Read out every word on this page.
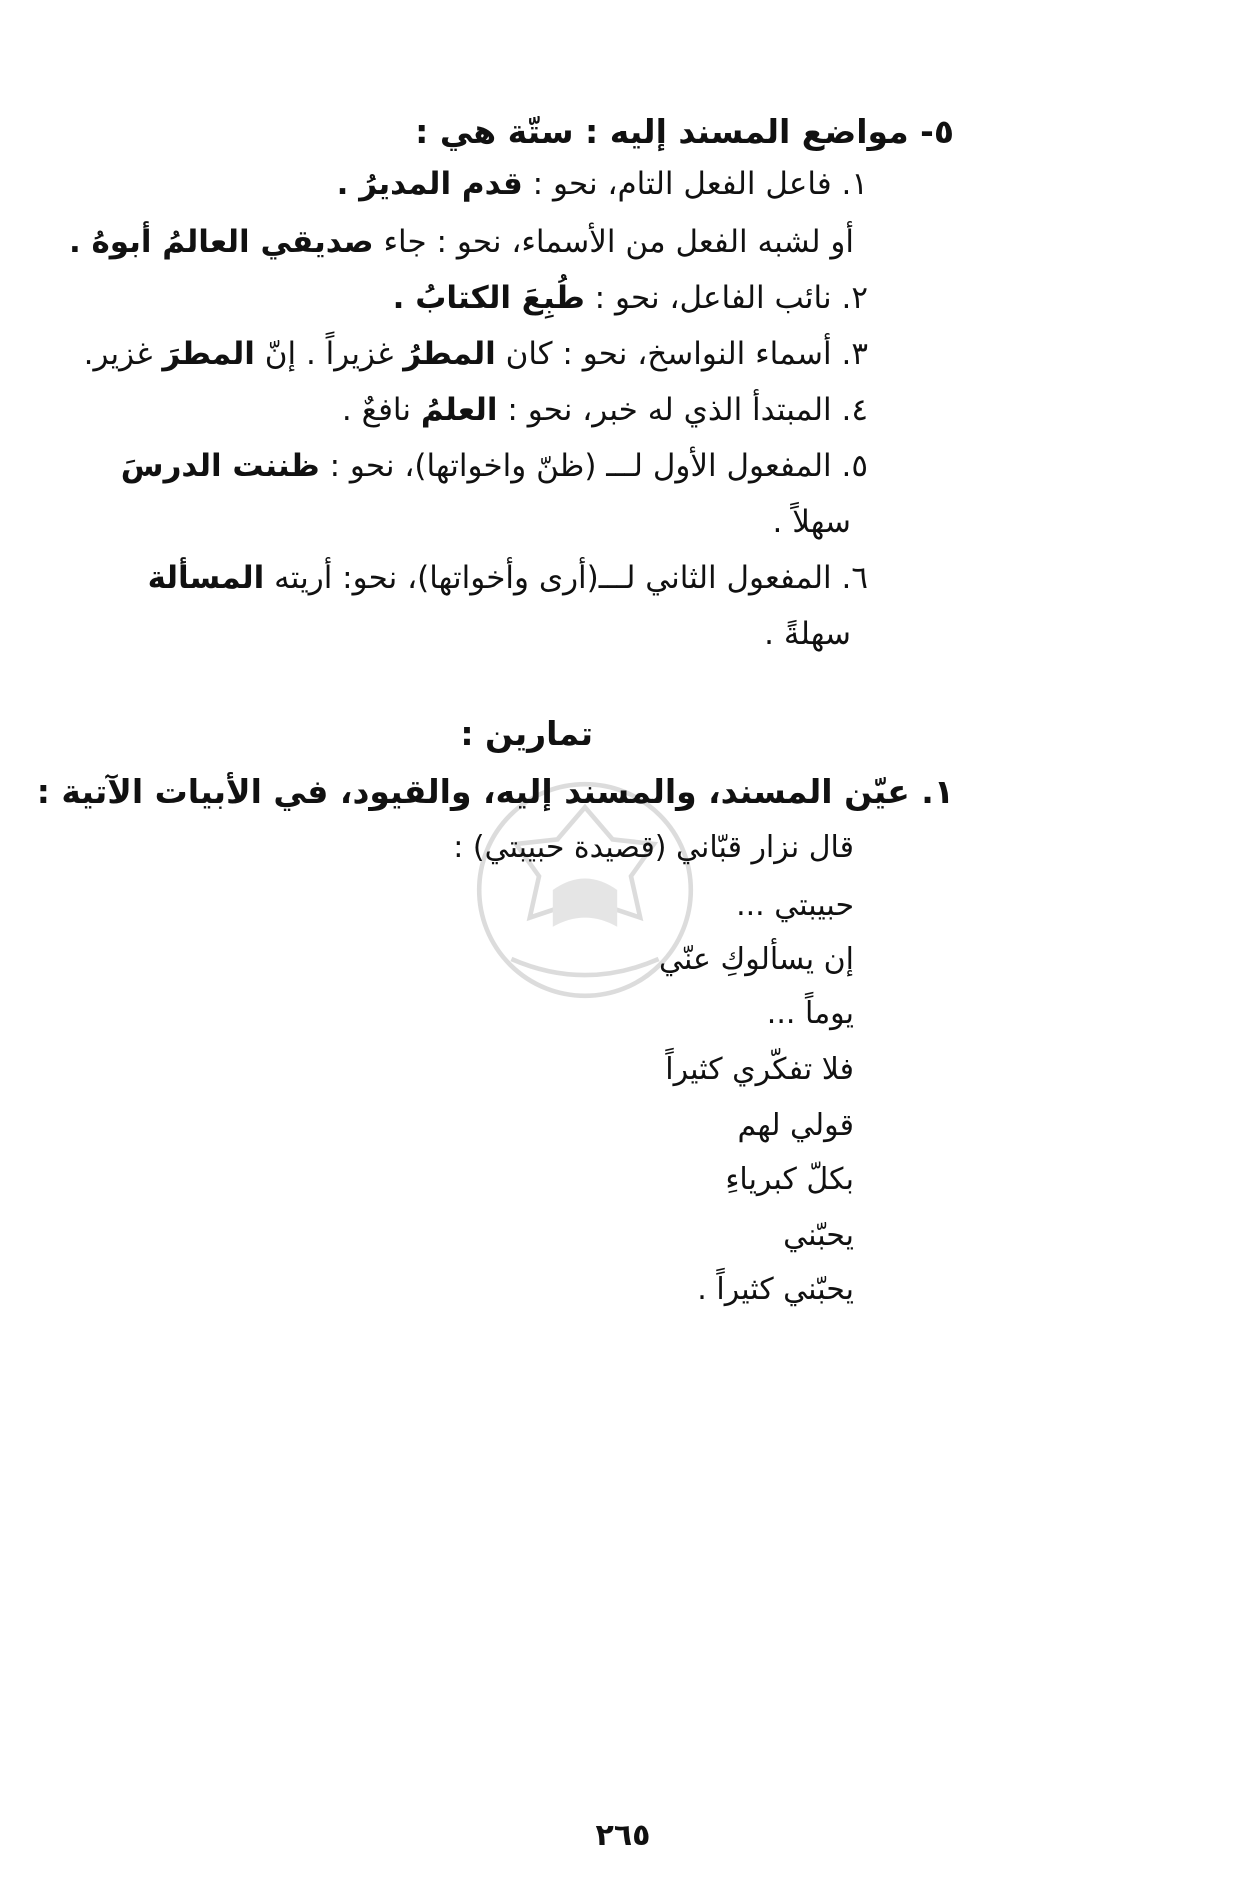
٥- مواضع المسند إليه : ستّة هي :
١. فاعل الفعل التام، نحو : قدم المديرُ .
أو لشبه الفعل من الأسماء، نحو : جاء صديقي العالمُ أبوهُ .
٢. نائب الفاعل، نحو : طُبِعَ الكتابُ .
٣. أسماء النواسخ، نحو : كان المطرُ غزيراً . إنّ المطرَ غزير.
٤. المبتدأ الذي له خبر، نحو : العلمُ نافعٌ .
٥. المفعول الأول لـــ (ظنّ واخواتها)، نحو : ظننت الدرسَ
سهلاً .
٦. المفعول الثاني لـــ(أرى وأخواتها)، نحو: أريته المسألة
سهلةً .
تمارين :
١. عيّن المسند، والمسند إليه، والقيود، في الأبيات الآتية :
قال نزار قبّاني (قصيدة حبيبتي) :
حبيبتي ...
إن يسألوكِ عنّي
يوماً ...
فلا تفكّري كثيراً
قولي لهم
بكلّ كبرياءِ
يحبّني
يحبّني كثيراً .
٢٦٥
